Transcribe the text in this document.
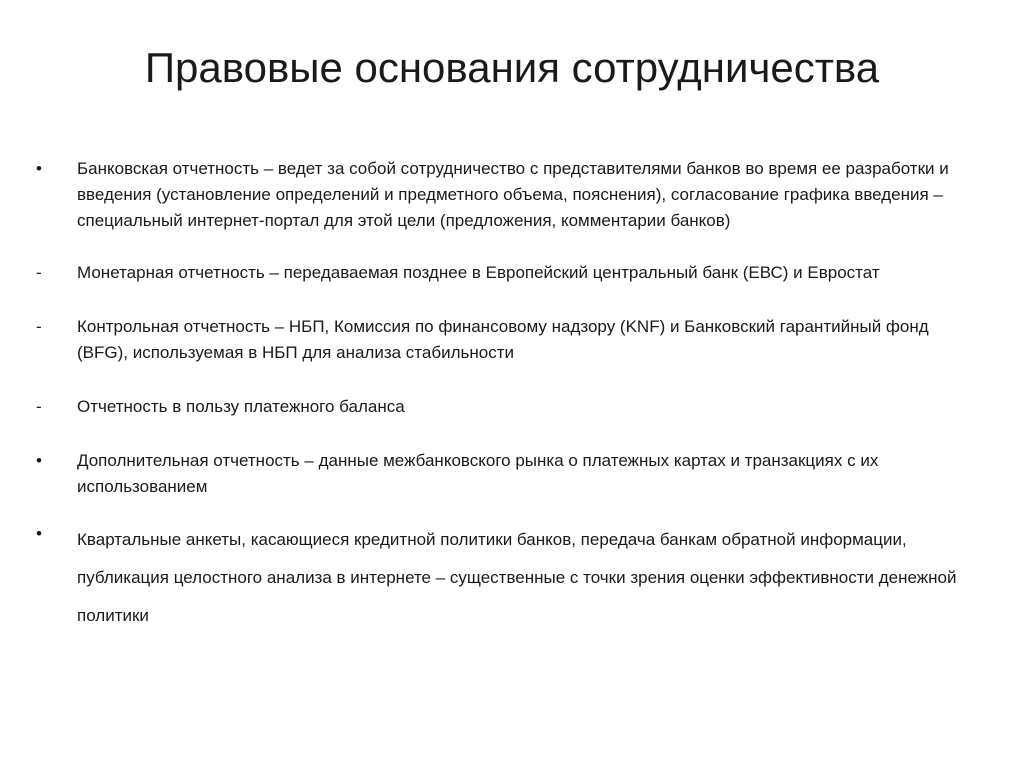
Правовые основания сотрудничества
•	Банковская отчетность – ведет за собой сотрудничество с представителями банков во время ее разработки и введения (установление определений и предметного объема, пояснения), согласование графика введения – специальный интернет-портал для этой цели (предложения, комментарии банков)
-	Монетарная отчетность – передаваемая позднее в Европейский центральный банк (ЕВС) и Евростат
-	Контрольная отчетность – НБП, Комиссия по финансовому надзору (KNF) и Банковский гарантийный фонд (BFG), используемая в НБП для анализа стабильности
-	Отчетность в пользу платежного баланса
•	Дополнительная отчетность – данные межбанковского рынка о платежных картах и транзакциях с их использованием
•	Квартальные анкеты, касающиеся кредитной политики банков, передача банкам обратной информации, публикация целостного анализа в интернете – существенные с точки зрения оценки эффективности денежной политики
